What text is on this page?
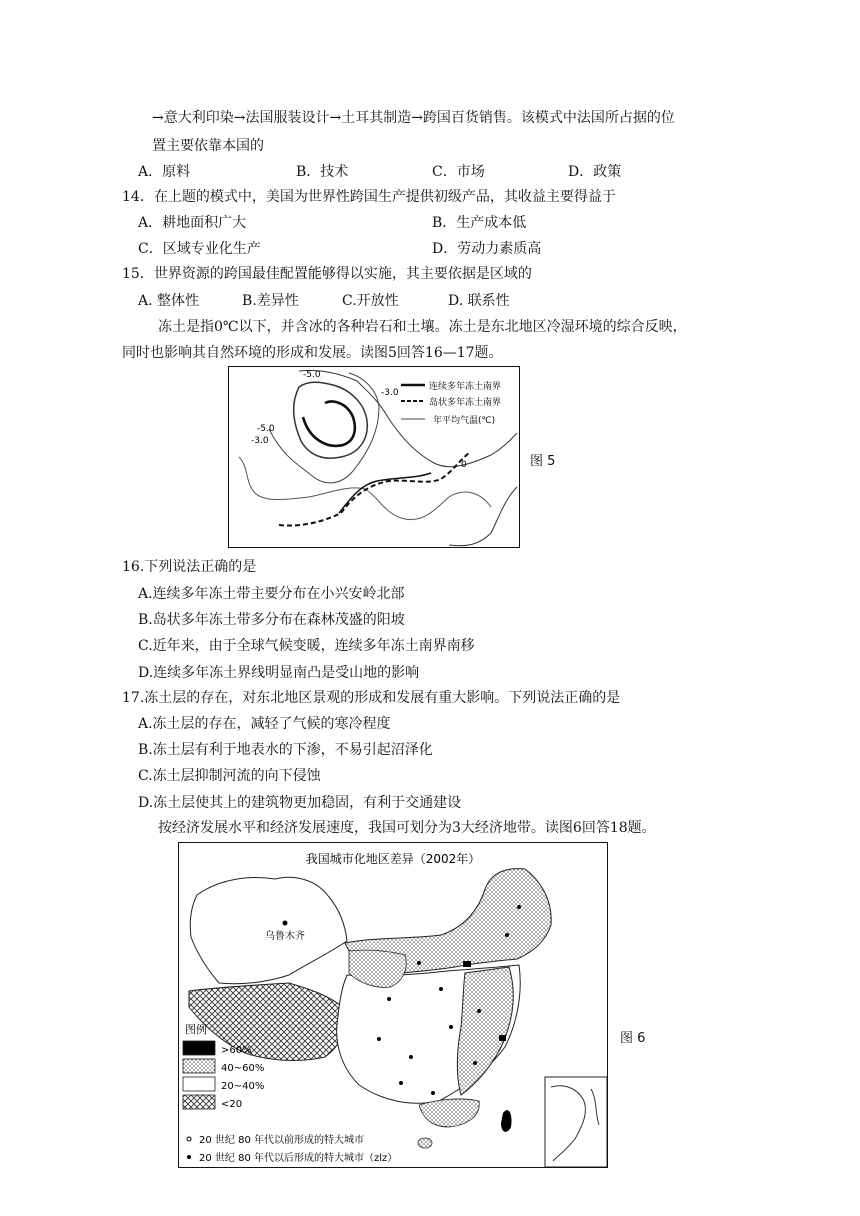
→意大利印染→法国服装设计→土耳其制造→跨国百货销售。该模式中法国所占据的位
置主要依靠本国的
A．原料	B．技术	C．市场	D．政策
14．在上题的模式中，美国为世界性跨国生产提供初级产品，其收益主要得益于
A．耕地面积广大	B．生产成本低
C．区域专业化生产	D．劳动力素质高
15．世界资源的跨国最佳配置能够得以实施，其主要依据是区域的
A. 整体性	B.差异性	C.开放性	D. 联系性
冻土是指0℃以下，并含冰的各种岩石和土壤。冻土是东北地区冷湿环境的综合反映，
同时也影响其自然环境的形成和发展。读图5回答16—17题。
-5.0
-3.0
-5.0
-3.0
0
连续多年冻土南界
岛状多年冻土南界
年平均气温(℃)
图 5
16.下列说法正确的是
A.连续多年冻土带主要分布在小兴安岭北部
B.岛状多年冻土带多分布在森林茂盛的阳坡
C.近年来，由于全球气候变暖，连续多年冻土南界南移
D.连续多年冻土界线明显南凸是受山地的影响
17.冻土层的存在，对东北地区景观的形成和发展有重大影响。下列说法正确的是
A.冻土层的存在，减轻了气候的寒冷程度
B.冻土层有利于地表水的下渗，不易引起沼泽化
C.冻土层抑制河流的向下侵蚀
D.冻土层使其上的建筑物更加稳固，有利于交通建设
按经济发展水平和经济发展速度，我国可划分为3大经济地带。读图6回答18题。
我国城市化地区差异（2002年）
乌鲁木齐
图例
>60%
40~60%
20~40%
<20
20 世纪 80 年代以前形成的特大城市
20 世纪 80 年代以后形成的特大城市（zlz）
图 6
